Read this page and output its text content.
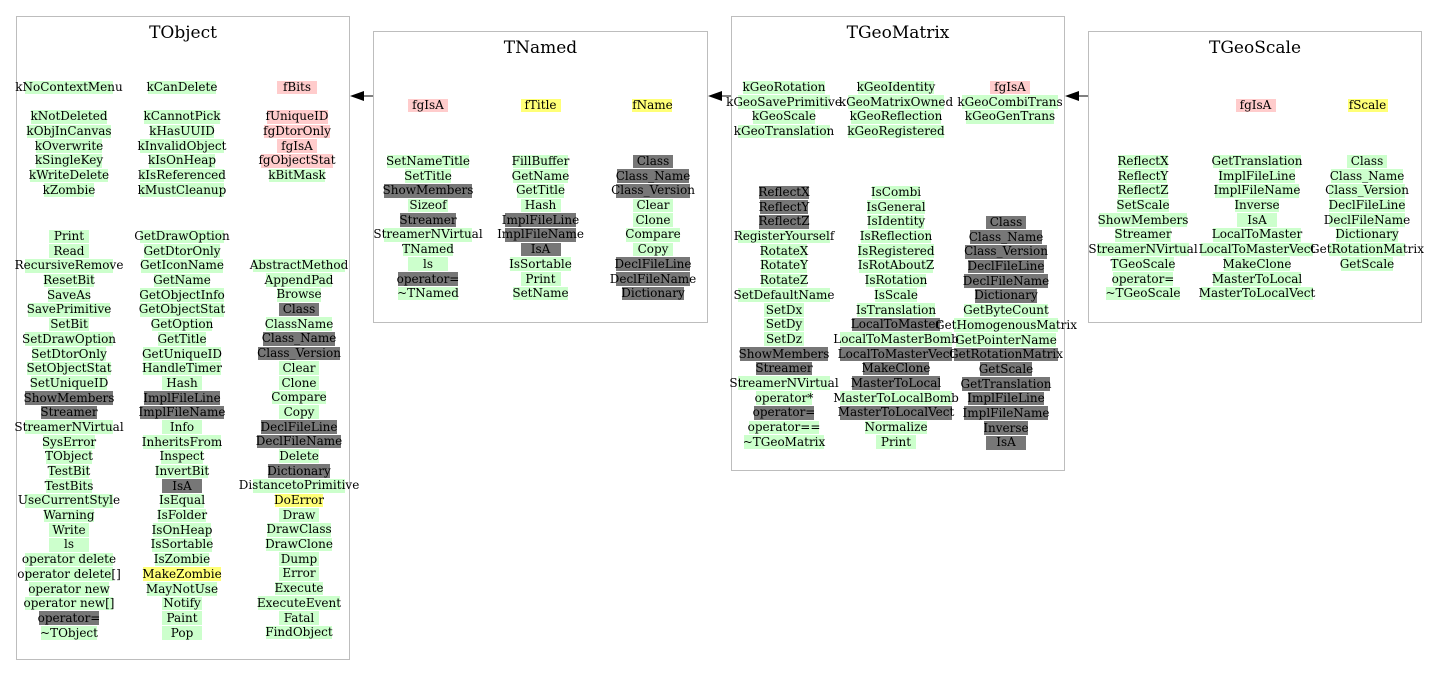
TObject
kNoContextMenu
kNotDeleted
kObjInCanvas
kOverwrite
kSingleKey
kWriteDelete
kZombie
kCanDelete
kCannotPick
kHasUUID
kInvalidObject
kIsOnHeap
kIsReferenced
kMustCleanup
fBits
fUniqueID
fgDtorOnly
fgIsA
fgObjectStat
kBitMask
Print
Read
RecursiveRemove
ResetBit
SaveAs
SavePrimitive
SetBit
SetDrawOption
SetDtorOnly
SetObjectStat
SetUniqueID
ShowMembers
Streamer
StreamerNVirtual
SysError
TObject
TestBit
TestBits
UseCurrentStyle
Warning
Write
ls
operator delete
operator delete[]
operator new
operator new[]
operator=
~TObject
GetDrawOption
GetDtorOnly
GetIconName
GetName
GetObjectInfo
GetObjectStat
GetOption
GetTitle
GetUniqueID
HandleTimer
Hash
ImplFileLine
ImplFileName
Info
InheritsFrom
Inspect
InvertBit
IsA
IsEqual
IsFolder
IsOnHeap
IsSortable
IsZombie
MakeZombie
MayNotUse
Notify
Paint
Pop
AbstractMethod
AppendPad
Browse
Class
ClassName
Class_Name
Class_Version
Clear
Clone
Compare
Copy
DeclFileLine
DeclFileName
Delete
Dictionary
DistancetoPrimitive
DoError
Draw
DrawClass
DrawClone
Dump
Error
Execute
ExecuteEvent
Fatal
FindObject
TNamed
fgIsA	fTitle	fName
SetNameTitle
SetTitle
ShowMembers
Sizeof
Streamer
StreamerNVirtual
TNamed
ls
operator=
~TNamed
FillBuffer
GetName
GetTitle
Hash
ImplFileLine
ImplFileName
IsA
IsSortable
Print
SetName
Class
Class_Name
Class_Version
Clear
Clone
Compare
Copy
DeclFileLine
DeclFileName
Dictionary
TGeoMatrix
kGeoRotation
kGeoSavePrimitive
kGeoScale
kGeoTranslation
kGeoIdentity
kGeoMatrixOwned
kGeoReflection
kGeoRegistered
fgIsA
kGeoCombiTrans
kGeoGenTrans
ReflectX
ReflectY
ReflectZ
RegisterYourself
RotateX
RotateY
RotateZ
SetDefaultName
SetDx
SetDy
SetDz
ShowMembers
Streamer
StreamerNVirtual
operator*
operator=
operator==
~TGeoMatrix
IsCombi
IsGeneral
IsIdentity
IsReflection
IsRegistered
IsRotAboutZ
IsRotation
IsScale
IsTranslation
LocalToMaster
LocalToMasterBomb
LocalToMasterVect
MakeClone
MasterToLocal
MasterToLocalBomb
MasterToLocalVect
Normalize
Print
Class
Class_Name
Class_Version
DeclFileLine
DeclFileName
Dictionary
GetByteCount
GetHomogenousMatrix
GetPointerName
GetRotationMatrix
GetScale
GetTranslation
ImplFileLine
ImplFileName
Inverse
IsA
TGeoScale
fgIsA	fScale
ReflectX
ReflectY
ReflectZ
SetScale
ShowMembers
Streamer
StreamerNVirtual
TGeoScale
operator=
~TGeoScale
GetTranslation
ImplFileLine
ImplFileName
Inverse
IsA
LocalToMaster
LocalToMasterVect
MakeClone
MasterToLocal
MasterToLocalVect
Class
Class_Name
Class_Version
DeclFileLine
DeclFileName
Dictionary
GetRotationMatrix
GetScale
